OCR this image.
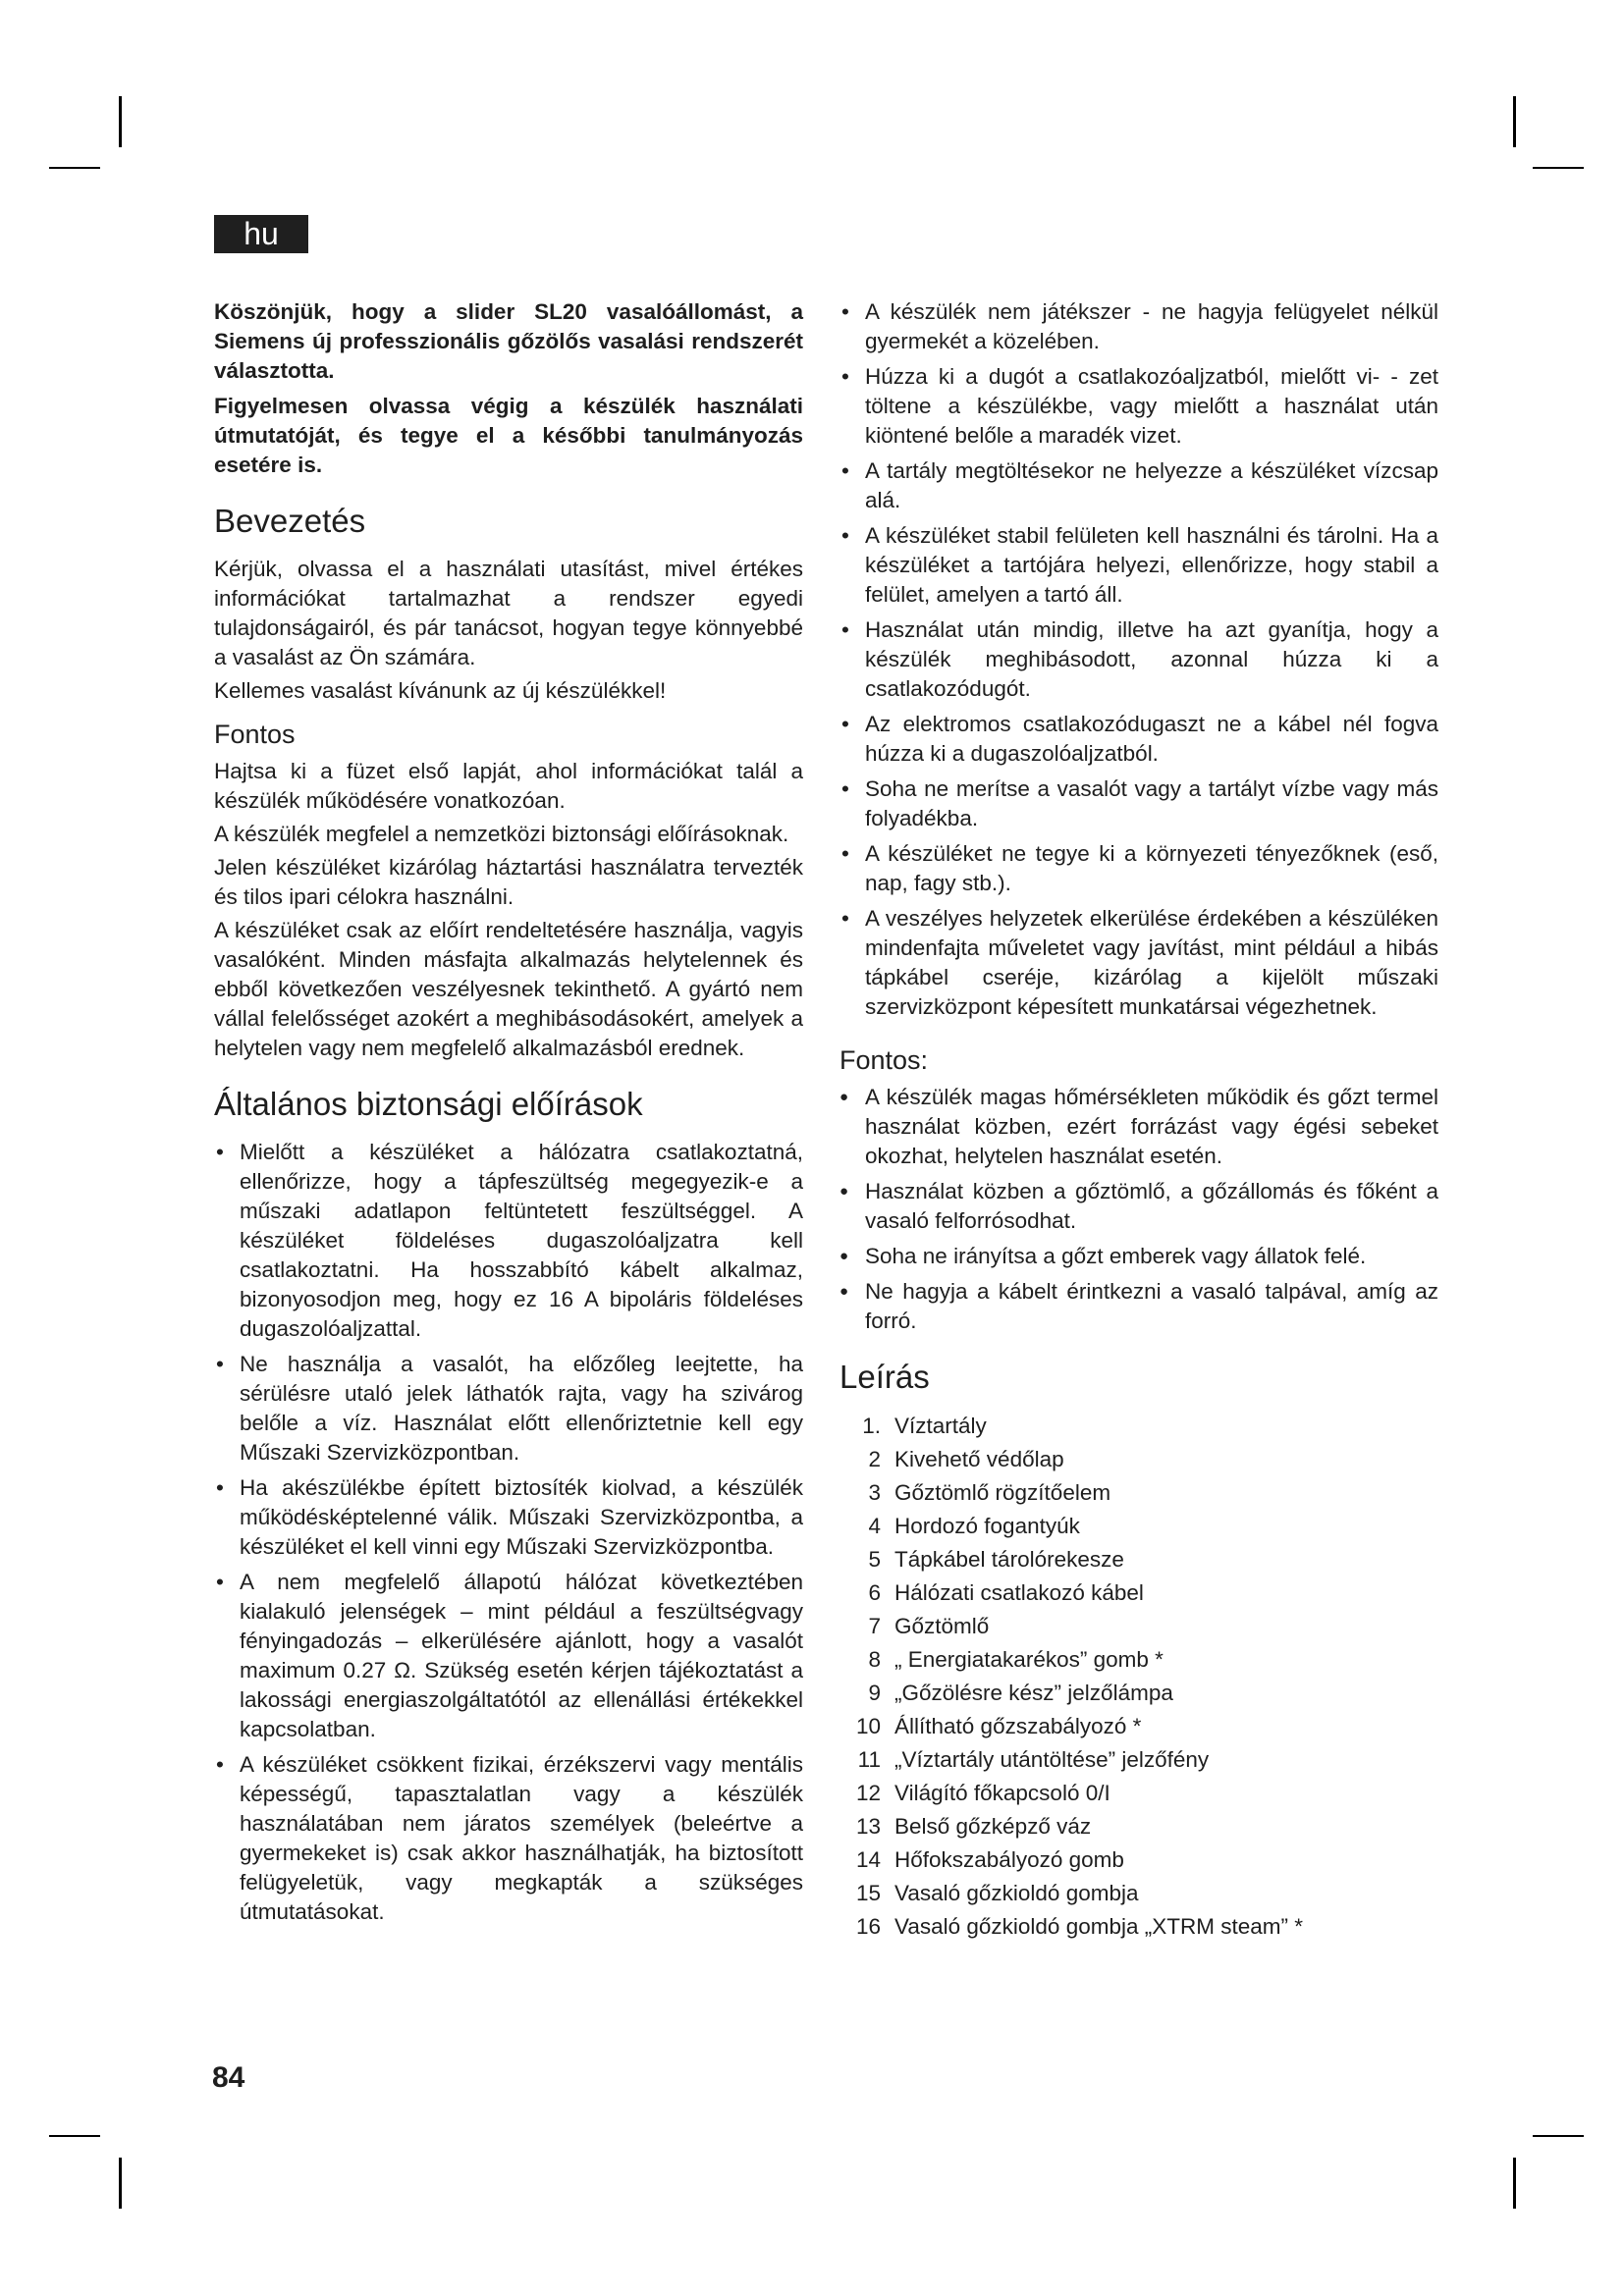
hu

Köszönjük, hogy a slider SL20 vasalóállomást, a Siemens új professzionális gőzölős vasalási rendszerét választotta.

Figyelmesen olvassa végig a készülék használati útmutatóját, és tegye el a későbbi tanulmányozás esetére is.

Bevezetés

Kérjük, olvassa el a használati utasítást, mivel értékes információkat tartalmazhat a rendszer egyedi tulajdonságairól, és pár tanácsot, hogyan tegye könnyebbé a vasalást az Ön számára.

Kellemes vasalást kívánunk az új készülékkel!

Fontos

Hajtsa ki a füzet első lapját, ahol információkat talál a készülék működésére vonatkozóan.

A készülék megfelel a nemzetközi biztonsági előírásoknak.

Jelen készüléket kizárólag háztartási használatra tervezték és tilos ipari célokra használni.

A készüléket csak az előírt rendeltetésére használja, vagyis vasalóként. Minden másfajta alkalmazás helytelennek és ebből következően veszélyesnek tekinthető. A gyártó nem vállal felelősséget azokért a meghibásodásokért, amelyek a helytelen vagy nem megfelelő alkalmazásból erednek.

Általános biztonsági előírások
• Mielőtt a készüléket a hálózatra csatlakoztatná, ellenőrizze, hogy a tápfeszültség megegyezik-e a műszaki adatlapon feltüntetett feszültséggel. A készüléket földeléses dugaszolóaljzatra kell csatlakoztatni. Ha hosszabbító kábelt alkalmaz, bizonyosodjon meg, hogy ez 16 A bipoláris földeléses dugaszolóaljzattal.
• Ne használja a vasalót, ha előzőleg leejtette, ha sérülésre utaló jelek láthatók rajta, vagy ha szivárog belőle a víz. Használat előtt ellenőriztetnie kell egy Műszaki Szervizközpontban.
• Ha akészülékbe épített biztosíték kiolvad, a készülék működésképtelenné válik. Műszaki Szervizközpontba, a készüléket el kell vinni egy Műszaki Szervizközpontba.
• A nem megfelelő állapotú hálózat következtében kialakuló jelenségek – mint például a feszültségvagy fényingadozás – elkerülésére ajánlott, hogy a vasalót maximum 0.27 Ω. Szükség esetén kérjen tájékoztatást a lakossági energiaszolgáltatótól az ellenállási értékekkel kapcsolatban.
• A készüléket csökkent fizikai, érzékszervi vagy mentális képességű, tapasztalatlan vagy a készülék használatában nem járatos személyek (beleértve a gyermekeket is) csak akkor használhatják, ha biztosított felügyeletük, vagy megkapták a szükséges útmutatásokat.
• A készülék nem játékszer - ne hagyja felügyelet nélkül gyermekét a közelében.
• Húzza ki a dugót a csatlakozóaljzatból, mielőtt vi- - zet töltene a készülékbe, vagy mielőtt a használat után kiöntené belőle a maradék vizet.
• A tartály megtöltésekor ne helyezze a készüléket vízcsap alá.
• A készüléket stabil felületen kell használni és tárolni. Ha a készüléket a tartójára helyezi, ellenőrizze, hogy stabil a felület, amelyen a tartó áll.
• Használat után mindig, illetve ha azt gyanítja, hogy a készülék meghibásodott, azonnal húzza ki a csatlakozódugót.
• Az elektromos csatlakozódugaszt ne a kábel nél fogva húzza ki a dugaszolóaljzatból.
• Soha ne merítse a vasalót vagy a tartályt vízbe vagy más folyadékba.
• A készüléket ne tegye ki a környezeti tényezőknek (eső, nap, fagy stb.).
• A veszélyes helyzetek elkerülése érdekében a készüléken mindenfajta műveletet vagy javítást, mint például a hibás tápkábel cseréje, kizárólag a kijelölt műszaki szervizközpont képesített munkatársai végezhetnek.
Fontos:
● A készülék magas hőmérsékleten működik és gőzt termel használat közben, ezért forrázást vagy égési sebeket okozhat, helytelen használat esetén.
● Használat közben a gőztömlő, a gőzállomás és főként a vasaló felforrósodhat.
● Soha ne irányítsa a gőzt emberek vagy állatok felé.
● Ne hagyja a kábelt érintkezni a vasaló talpával, amíg az forró.
Leírás
1. Víztartály
2 Kivehető védőlap
3 Gőztömlő rögzítőelem
4 Hordozó fogantyúk
5 Tápkábel tárolórekesze
6 Hálózati csatlakozó kábel
7 Gőztömlő
8 „ Energiatakarékos” gomb *
9 „Gőzölésre kész” jelzőlámpa
10 Állítható gőzszabályozó *
11 „Víztartály utántöltése” jelzőfény
12 Világító főkapcsoló 0/I
13 Belső gőzképző váz
14 Hőfokszabályozó gomb
15 Vasaló gőzkioldó gombja
16 Vasaló gőzkioldó gombja „XTRM steam” *
84
